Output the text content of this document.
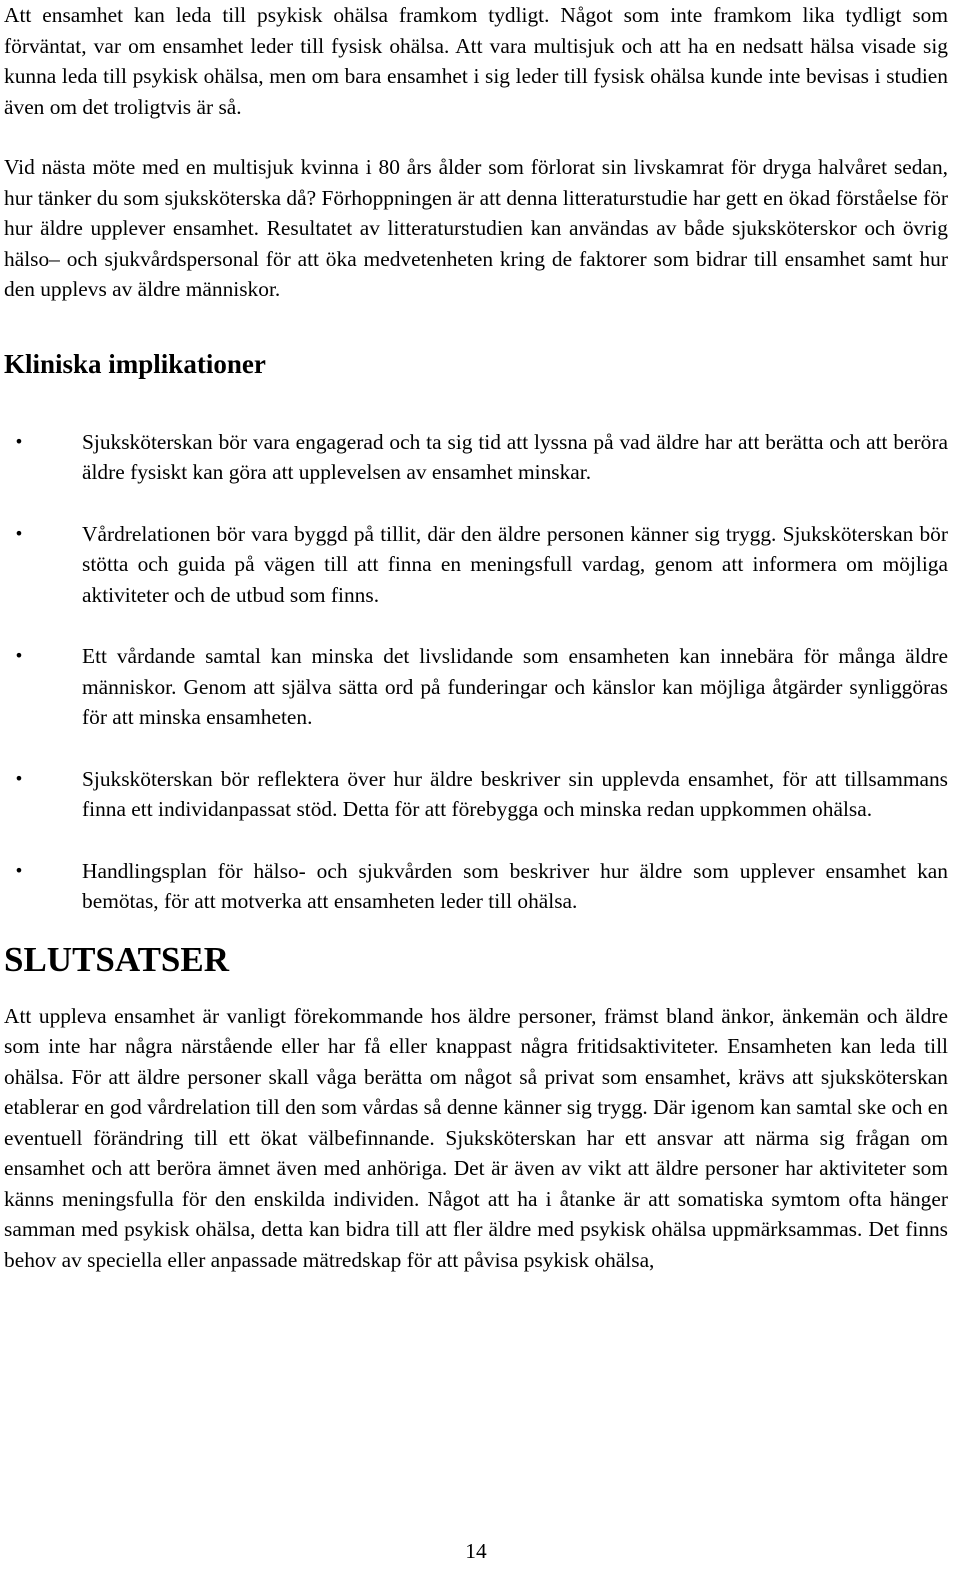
Att ensamhet kan leda till psykisk ohälsa framkom tydligt. Något som inte framkom lika tydligt som förväntat, var om ensamhet leder till fysisk ohälsa. Att vara multisjuk och att ha en nedsatt hälsa visade sig kunna leda till psykisk ohälsa, men om bara ensamhet i sig leder till fysisk ohälsa kunde inte bevisas i studien även om det troligtvis är så.

Vid nästa möte med en multisjuk kvinna i 80 års ålder som förlorat sin livskamrat för dryga halvåret sedan, hur tänker du som sjuksköterska då? Förhoppningen är att denna litteraturstudie har gett en ökad förståelse för hur äldre upplever ensamhet. Resultatet av litteraturstudien kan användas av både sjuksköterskor och övrig hälso– och sjukvårdspersonal för att öka medvetenheten kring de faktorer som bidrar till ensamhet samt hur den upplevs av äldre människor.

Kliniska implikationer
•	Sjuksköterskan bör vara engagerad och ta sig tid att lyssna på vad äldre har att berätta och att beröra äldre fysiskt kan göra att upplevelsen av ensamhet minskar.
•	Vårdrelationen bör vara byggd på tillit, där den äldre personen känner sig trygg. Sjuksköterskan bör stötta och guida på vägen till att finna en meningsfull vardag, genom att informera om möjliga aktiviteter och de utbud som finns.
•	Ett vårdande samtal kan minska det livslidande som ensamheten kan innebära för många äldre människor. Genom att själva sätta ord på funderingar och känslor kan möjliga åtgärder synliggöras för att minska ensamheten.
•	Sjuksköterskan bör reflektera över hur äldre beskriver sin upplevda ensamhet, för att tillsammans finna ett individanpassat stöd. Detta för att förebygga och minska redan uppkommen ohälsa.
•	Handlingsplan för hälso- och sjukvården som beskriver hur äldre som upplever ensamhet kan bemötas, för att motverka att ensamheten leder till ohälsa.
SLUTSATSER

Att uppleva ensamhet är vanligt förekommande hos äldre personer, främst bland änkor, änkemän och äldre som inte har några närstående eller har få eller knappast några fritidsaktiviteter. Ensamheten kan leda till ohälsa. För att äldre personer skall våga berätta om något så privat som ensamhet, krävs att sjuksköterskan etablerar en god vårdrelation till den som vårdas så denne känner sig trygg. Där igenom kan samtal ske och en eventuell förändring till ett ökat välbefinnande. Sjuksköterskan har ett ansvar att närma sig frågan om ensamhet och att beröra ämnet även med anhöriga. Det är även av vikt att äldre personer har aktiviteter som känns meningsfulla för den enskilda individen. Något att ha i åtanke är att somatiska symtom ofta hänger samman med psykisk ohälsa, detta kan bidra till att fler äldre med psykisk ohälsa uppmärksammas. Det finns behov av speciella eller anpassade mätredskap för att påvisa psykisk ohälsa,

14
